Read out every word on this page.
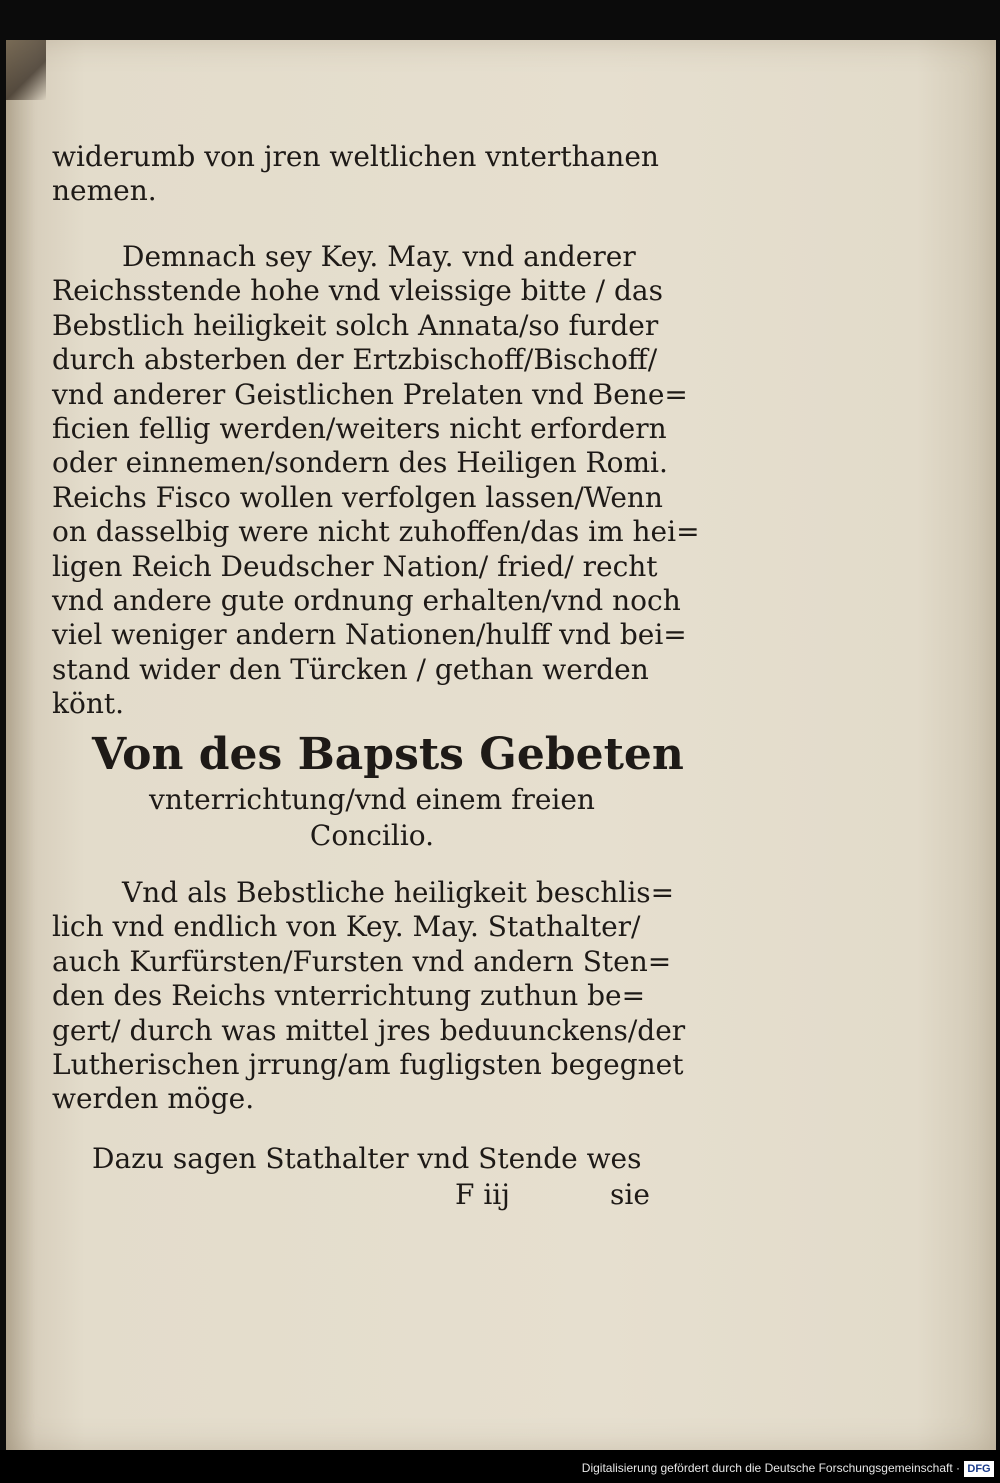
widerumb von jren weltlichen vnterthanen
nemen.
Demnach sey Key. May. vnd anderer
Reichsstende hohe vnd vleissige bitte / das
Bebstlich heiligkeit solch Annata/so furder
durch absterben der Ertzbischoff/Bischoff/
vnd anderer Geistlichen Prelaten vnd Bene=
ficien fellig werden/weiters nicht erfordern
oder einnemen/sondern des Heiligen Romi.
Reichs Fisco wollen verfolgen lassen/Wenn
on dasselbig were nicht zuhoffen/das im hei=
ligen Reich Deudscher Nation/ fried/ recht
vnd andere gute ordnung erhalten/vnd noch
viel weniger andern Nationen/hulff vnd bei=
stand wider den Türcken / gethan werden
könt.
Von des Bapsts Gebeten
vnterrichtung/vnd einem freien
Concilio.
Vnd als Bebstliche heiligkeit beschlis=
lich vnd endlich von Key. May. Stathalter/
auch Kurfürsten/Fursten vnd andern Sten=
den des Reichs vnterrichtung zuthun be=
gert/ durch was mittel jres beduunckens/der
Lutherischen jrrung/am fugligsten begegnet
werden möge.
Dazu sagen Stathalter vnd Stende wes
F iij	sie
Digitalisierung gefördert durch die Deutsche Forschungsgemeinschaft · DFG
